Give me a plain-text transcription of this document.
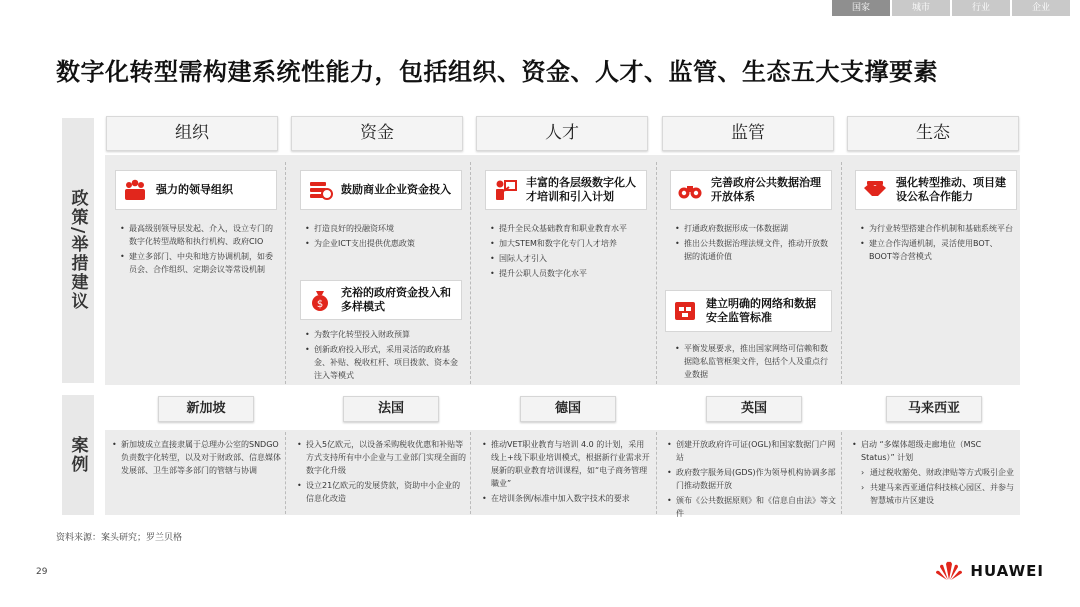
国家	城市	行业	企业
数字化转型需构建系统性能力，包括组织、资金、人才、监管、生态五大支撑要素
政策/举措建议
案例
组织	资金	人才	监管	生态
强力的领导组织
• 最高级别领导层发起、介入，设立专门的数字化转型战略和执行机构、政府CIO
• 建立多部门、中央和地方协调机制，如委员会、合作组织、定期会议等常设机制
鼓励商业企业资金投入
• 打造良好的投融资环境
• 为企业ICT支出提供优惠政策
$
充裕的政府资金投入和多样模式
• 为数字化转型投入财政预算
• 创新政府投入形式，采用灵活的政府基金、补贴、税收杠杆、项目拨款、资本金注入等模式
丰富的各层级数字化人才培训和引入计划
• 提升全民众基础教育和职业教育水平
• 加大STEM和数字化专门人才培养
• 国际人才引入
• 提升公职人员数字化水平
完善政府公共数据治理开放体系
• 打通政府数据形成一体数据湖
• 推出公共数据治理法规文件，推动开放数据的流通价值
建立明确的网络和数据安全监管标准
• 平衡发展要求，推出国家网络可信赖和数据隐私监管框架文件，包括个人及重点行业数据
强化转型推动、项目建设公私合作能力
• 为行业转型搭建合作机制和基础系统平台
• 建立合作沟通机制，灵活使用BOT、BOOT等合营模式
新加坡	法国	德国	英国	马来西亚
• 新加坡成立直接隶属于总理办公室的SNDGO负责数字化转型，以及对于财政部、信息媒体发展部、卫生部等多部门的管辖与协调
• 投入5亿欧元，以设备采购税收优惠和补贴等方式支持所有中小企业与工业部门实现全面的数字化升级
• 设立21亿欧元的发展贷款，资助中小企业的信息化改造
• 推动VET职业教育与培训 4.0 的计划，采用线上+线下职业培训模式，根据新行业需求开展新的职业教育培训课程，如“电子商务管理職业”
• 在培训条例/标准中加入数字技术的要求
• 创建开放政府许可证(OGL)和国家数据门户网站
• 政府数字服务局(GDS)作为领导机构协调多部门推动数据开放
• 颁布《公共数据原则》和《信息自由法》等文件
• 启动 “多媒体超级走廊地位（MSC Status）” 计划
› 通过税收豁免、财政津贴等方式吸引企业
› 共建马来西亚通信科技核心园区、并参与智慧城市片区建设
资料来源：案头研究；罗兰贝格
29	HUAWEI
